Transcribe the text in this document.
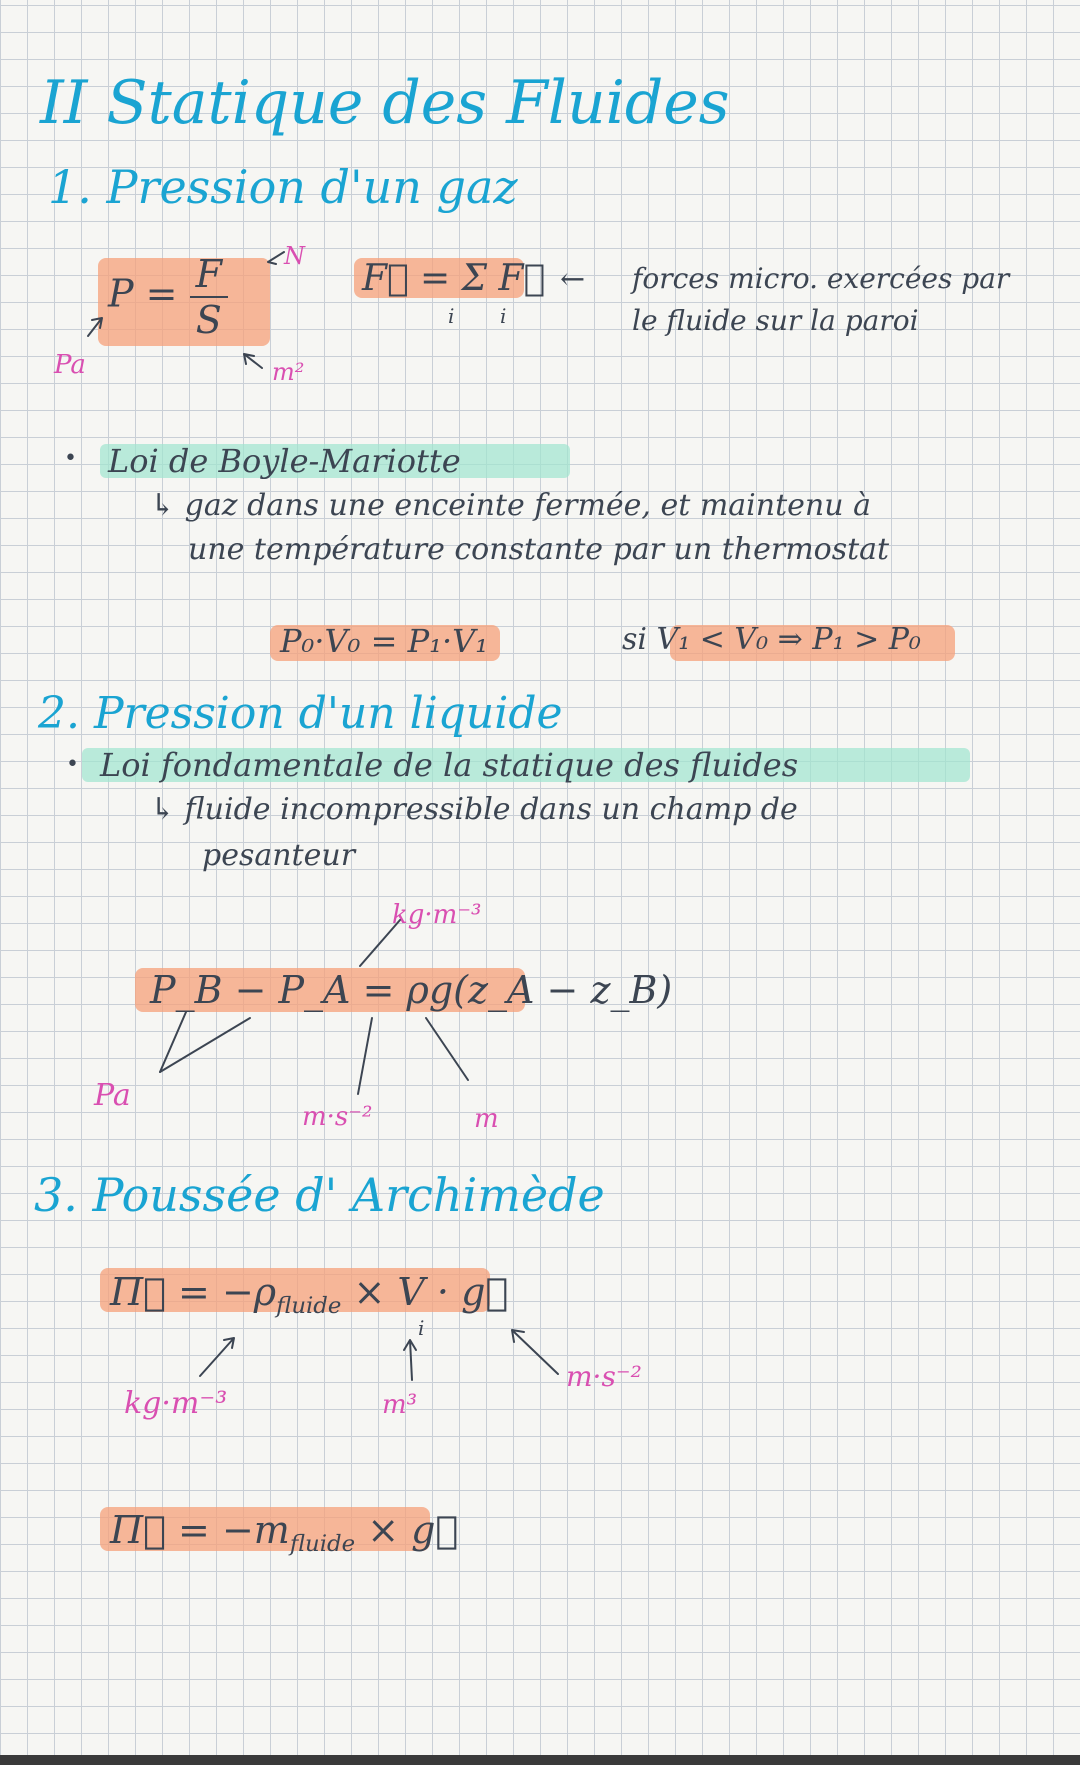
II Statique des Fluides
1. Pression d'un gaz
$P = \frac{F}{S}$ N
Pa	m²
F⃗ = Σ F⃗
i i
← forces micro. exercées par
le fluide sur la paroi
• Loi de Boyle-Mariotte
↳ gaz dans une enceinte fermée, et maintenu à
une température constante par un thermostat
P₀·V₀ = P₁·V₁	si V₁ < V₀ ⇒ P₁ > P₀
2. Pression d'un liquide
• Loi fondamentale de la statique des fluides
↳ fluide incompressible dans un champ de
pesanteur
kg·m⁻³
P_B − P_A = ρg(z_A − z_B)
Pa
m·s⁻²	m
3. Poussée d' Archimède
Π⃗ = $-\rho_{fluide} \times V$ · g⃗
i
kg·m⁻³	m³
m·s⁻²
Π⃗ = $-m_{fluide}$ × g⃗
